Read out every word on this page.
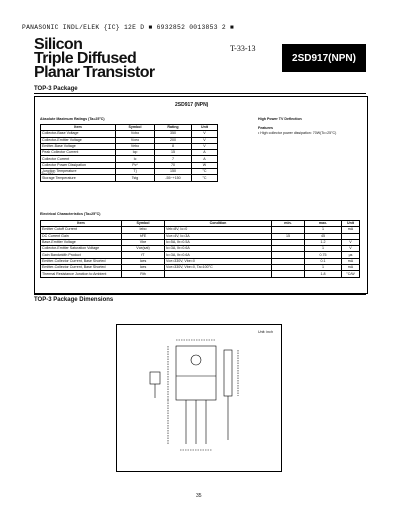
PANASONIC INDL/ELEK {IC} 12E D ■ 6932852 0013853 2 ■
Silicon
Triple Diffused
Planar Transistor
T-33-13
2SD917(NPN)
TOP-3 Package
2SD917 (NPN)
Absolute Maximum Ratings (Ta=25°C)
Item	Symbol	Rating	Unit
Collector-Base Voltage	Vcbo	350	V
Collector-Emitter Voltage	Vceo	200	V
Emitter-Base Voltage	Vebo	8	V
Peak Collector Current	Icp	15	A
Collector Current	Ic	7	A
Collector Power Dissipation	Pc*	70	W
Junction Temperature	Tj	150	°C
Storage Temperature	Tstg	-55~+150	°C
*Tc=25°C
High Power TV Deflection
Features
• High collector power dissipation: 70W(Tc=25°C)
Electrical Characteristics (Ta=25°C)
Item	Symbol	Condition	min.	max.	Unit
Emitter Cutoff Current	Iebo	Veb=8V, Ic=0		1	mA
DC Current Gain	hFE	Vce=4V, Ic=3A	15	45	
Base-Emitter Voltage	Vbe	Ic=5A, Ib=0.5A		1.2	V
Collector-Emitter Saturation Voltage	Vce(sat)	Ic=3A, Ib=0.6A		1	V
Gain Bandwidth Product	fT	Ic=3A, Ib=0.6A		0.75	μs
Emitter-Collector Current, Base Shorted	Ices	Vce=330V, Vbe=0		0.1	mA
Emitter-Collector Current, Base Shorted	Ices	Vce=330V, Vbe=0, Ta=100°C		1	mA
Thermal Resistance Junction to Ambient	Rth			1.8	°C/W
TOP-3 Package Dimensions
Unit: inch
35
